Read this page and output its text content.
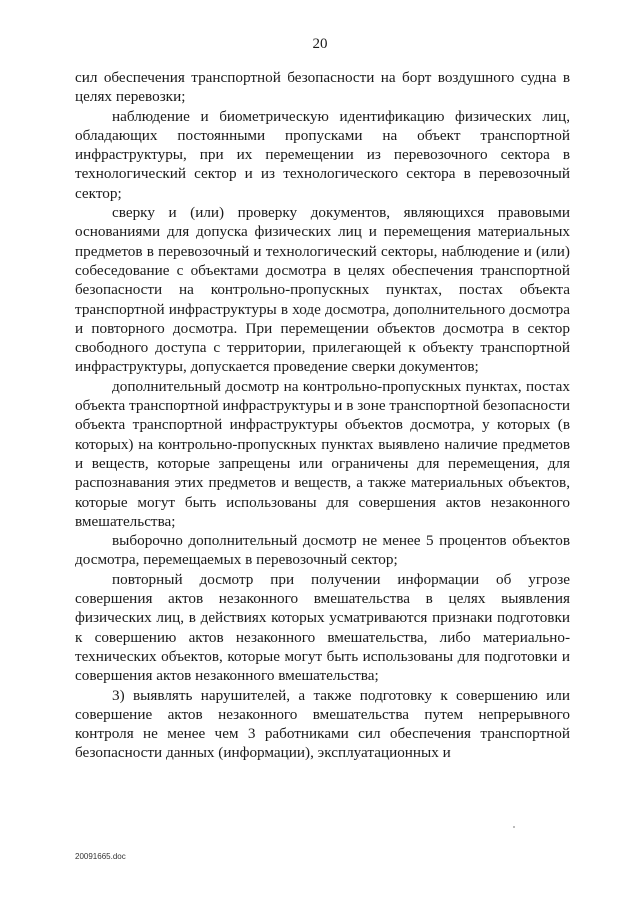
20

сил обеспечения транспортной безопасности на борт воздушного судна в целях перевозки;

наблюдение и биометрическую идентификацию физических лиц, обладающих постоянными пропусками на объект транспортной инфраструктуры, при их перемещении из перевозочного сектора в технологический сектор и из технологического сектора в перевозочный сектор;

сверку и (или) проверку документов, являющихся правовыми основаниями для допуска физических лиц и перемещения материальных предметов в перевозочный и технологический секторы, наблюдение и (или) собеседование с объектами досмотра в целях обеспечения транспортной безопасности на контрольно-пропускных пунктах, постах объекта транспортной инфраструктуры в ходе досмотра, дополнительного досмотра и повторного досмотра. При перемещении объектов досмотра в сектор свободного доступа с территории, прилегающей к объекту транспортной инфраструктуры, допускается проведение сверки документов;

дополнительный досмотр на контрольно-пропускных пунктах, постах объекта транспортной инфраструктуры и в зоне транспортной безопасности объекта транспортной инфраструктуры объектов досмотра, у которых (в которых) на контрольно-пропускных пунктах выявлено наличие предметов и веществ, которые запрещены или ограничены для перемещения, для распознавания этих предметов и веществ, а также материальных объектов, которые могут быть использованы для совершения актов незаконного вмешательства;

выборочно дополнительный досмотр не менее 5 процентов объектов досмотра, перемещаемых в перевозочный сектор;

повторный досмотр при получении информации об угрозе совершения актов незаконного вмешательства в целях выявления физических лиц, в действиях которых усматриваются признаки подготовки к совершению актов незаконного вмешательства, либо материально-технических объектов, которые могут быть использованы для подготовки и совершения актов незаконного вмешательства;

3) выявлять нарушителей, а также подготовку к совершению или совершение актов незаконного вмешательства путем непрерывного контроля не менее чем 3 работниками сил обеспечения транспортной безопасности данных (информации), эксплуатационных и

20091665.doc
